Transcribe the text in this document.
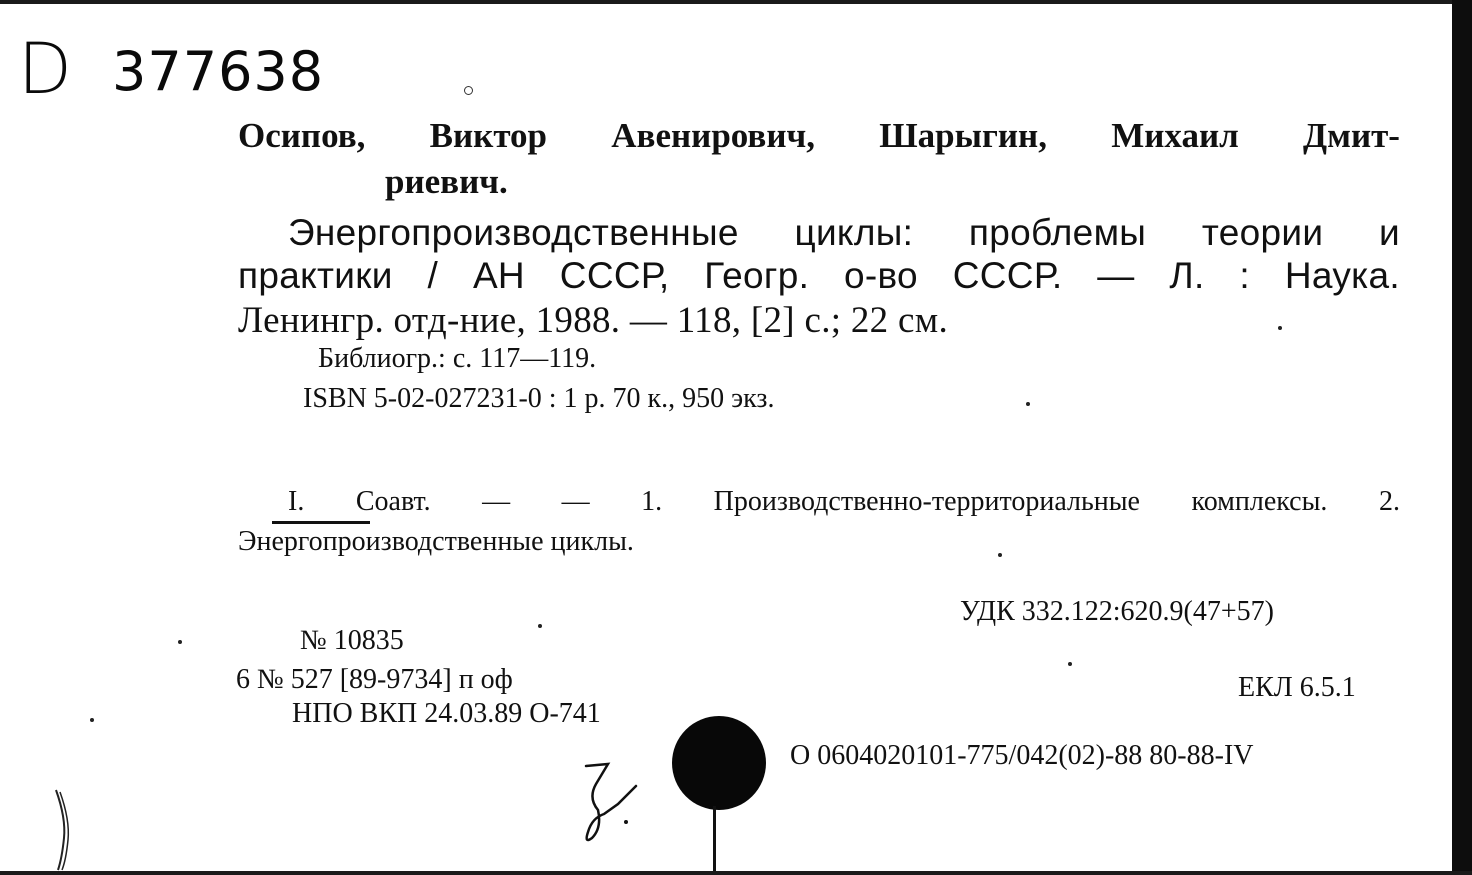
D 377638
Осипов, Виктор Авенирович, Шарыгин, Михаил Дмит-
риевич.
Энергопроизводственные циклы: проблемы теории и
практики / АН СССР, Геогр. о-во СССР. — Л. : Наука.
Ленингр. отд-ние, 1988. — 118, [2] с.; 22 см.
Библиогр.: с. 117—119.
ISBN 5-02-027231-0 : 1 р. 70 к., 950 экз.
I. Соавт. — — 1. Производственно-территориальные комплексы. 2.
Энергопроизводственные циклы.
УДК 332.122:620.9(47+57)
№ 10835
6 № 527 [89-9734] п оф	ЕКЛ 6.5.1
НПО ВКП 24.03.89 О-741
О 0604020101-775/042(02)-88 80-88-IV
